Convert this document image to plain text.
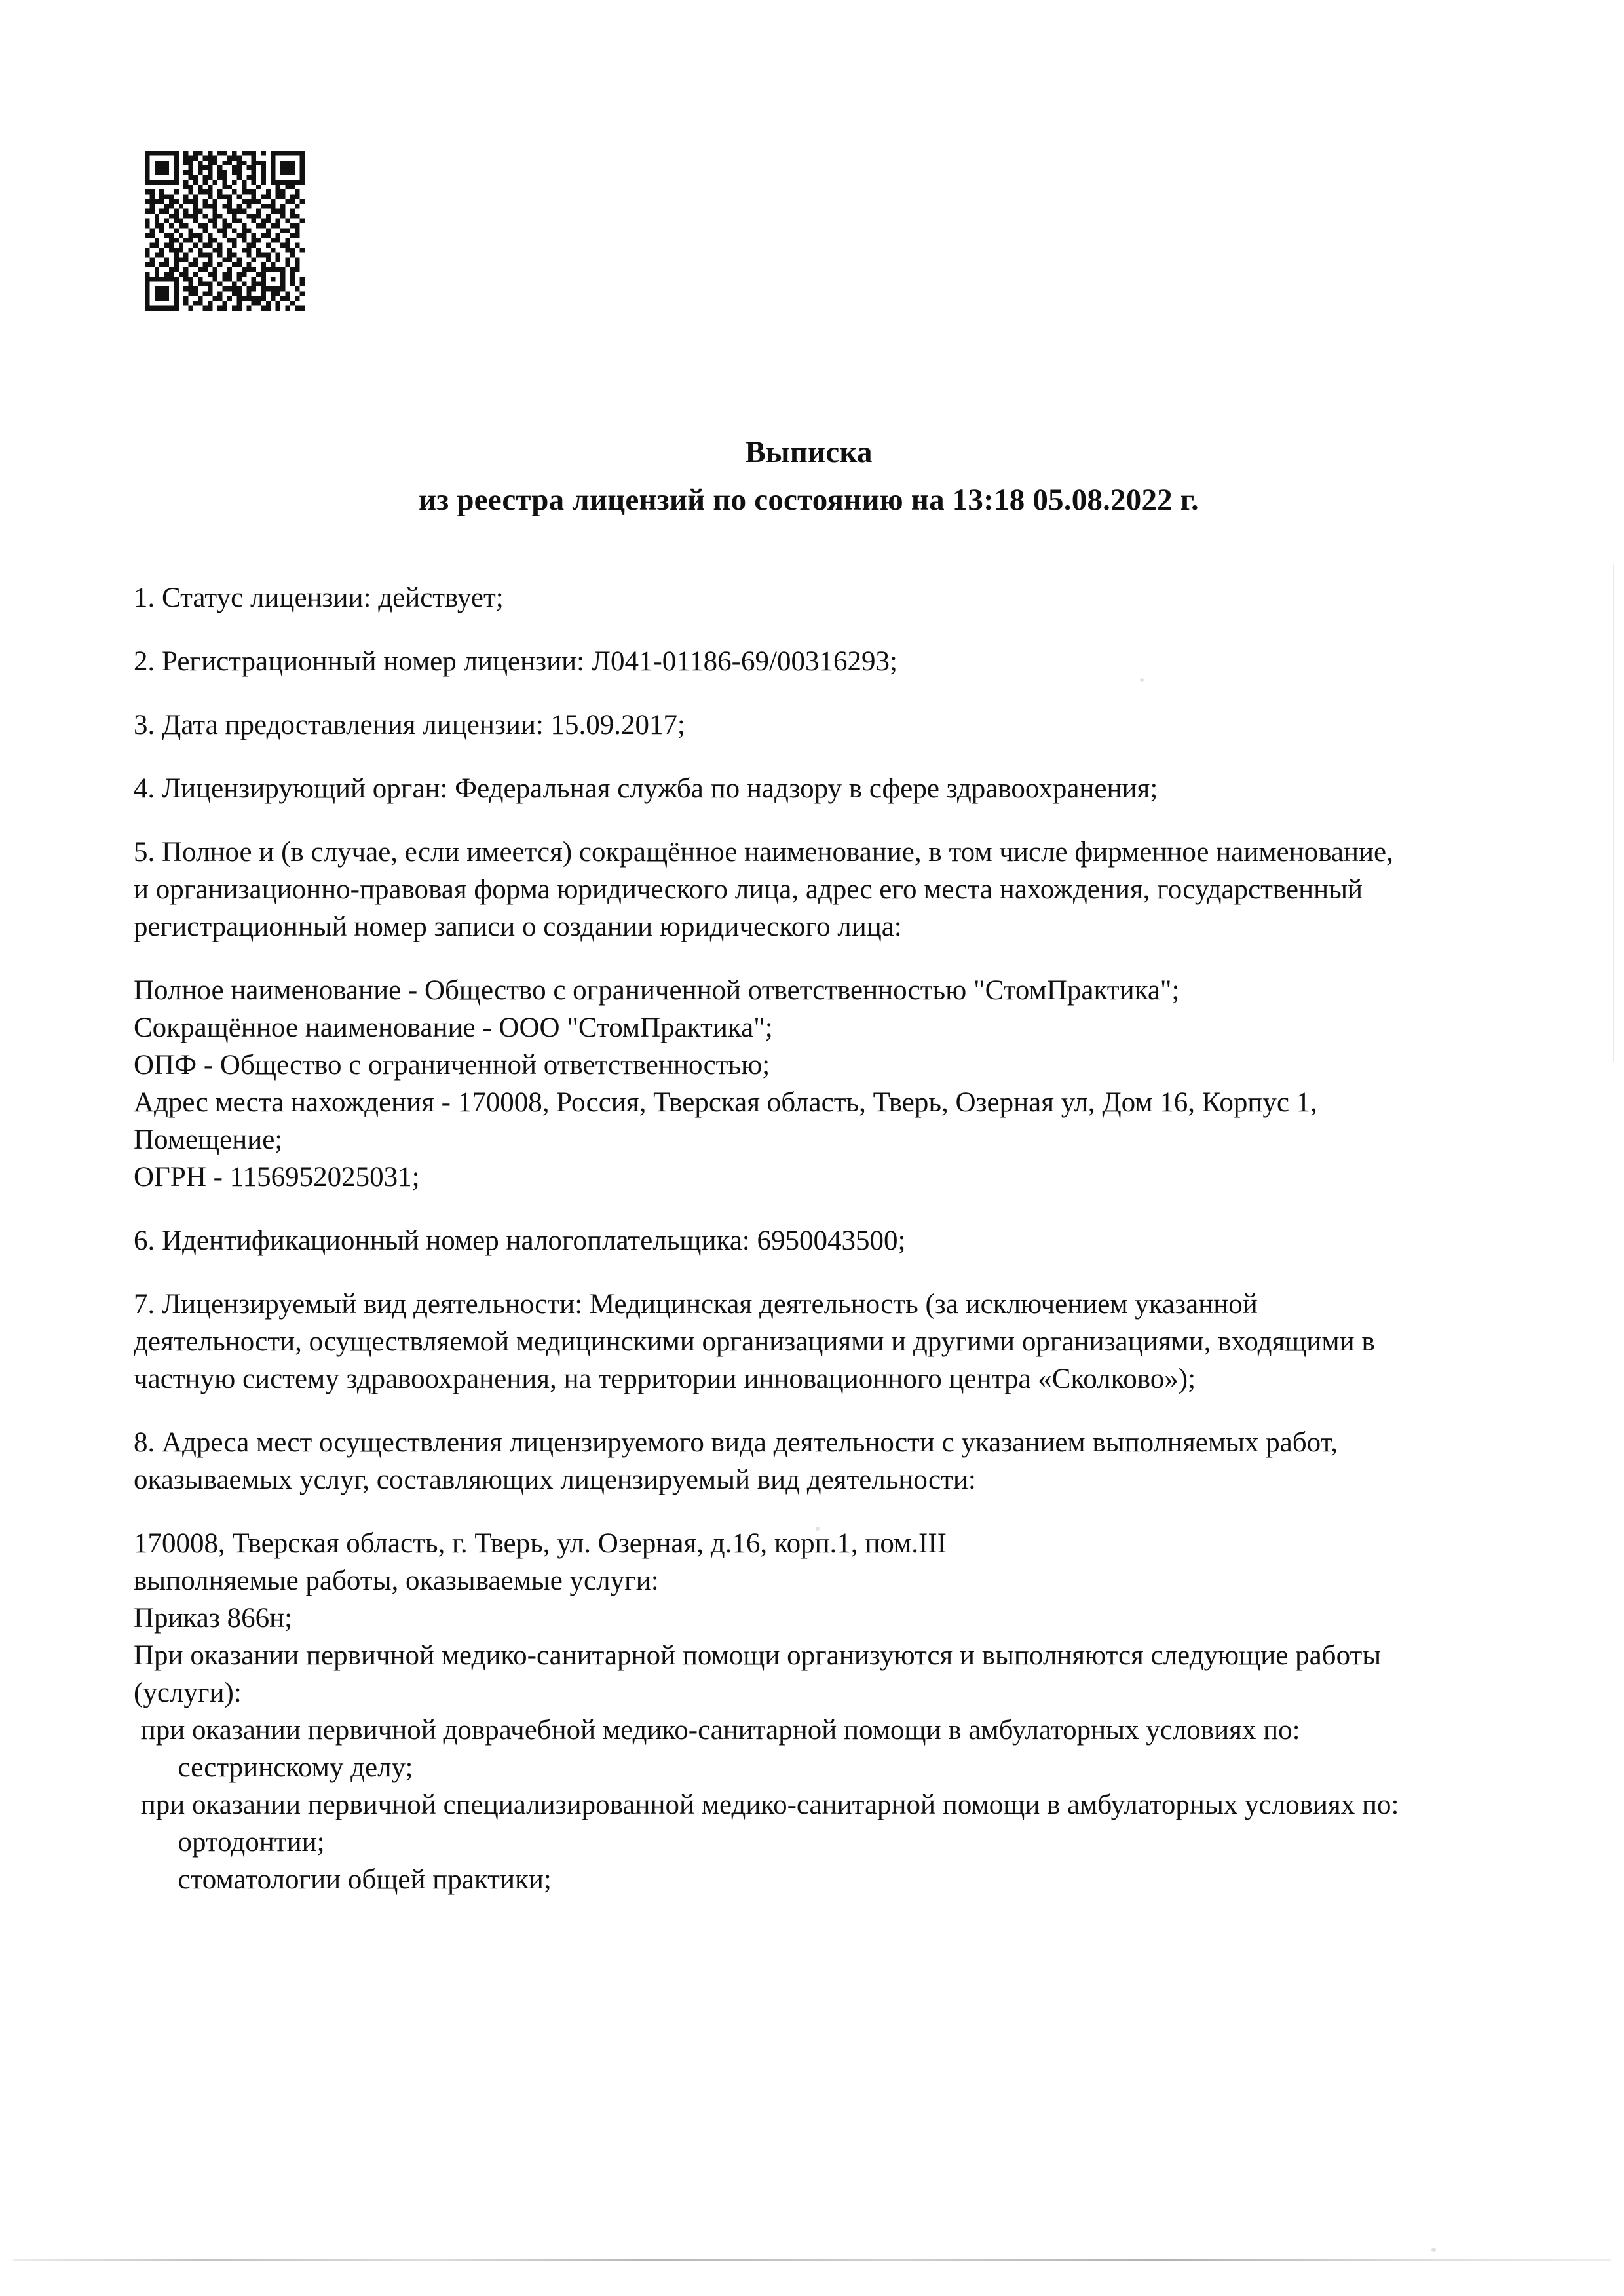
Выписка
из реестра лицензий по состоянию на 13:18 05.08.2022 г.

1. Статус лицензии: действует;

2. Регистрационный номер лицензии: Л041-01186-69/00316293;

3. Дата предоставления лицензии: 15.09.2017;

4. Лицензирующий орган: Федеральная служба по надзору в сфере здравоохранения;

5. Полное и (в случае, если имеется) сокращённое наименование, в том числе фирменное наименование, и организационно-правовая форма юридического лица, адрес его места нахождения, государственный регистрационный номер записи о создании юридического лица:

Полное наименование - Общество с ограниченной ответственностью "СтомПрактика";
Сокращённое наименование - ООО "СтомПрактика";
ОПФ - Общество с ограниченной ответственностью;
Адрес места нахождения - 170008, Россия, Тверская область, Тверь, Озерная ул, Дом 16, Корпус 1, Помещение;
ОГРН - 1156952025031;

6. Идентификационный номер налогоплательщика: 6950043500;

7. Лицензируемый вид деятельности: Медицинская деятельность (за исключением указанной деятельности, осуществляемой медицинскими организациями и другими организациями, входящими в частную систему здравоохранения, на территории инновационного центра «Сколково»);

8. Адреса мест осуществления лицензируемого вида деятельности с указанием выполняемых работ, оказываемых услуг, составляющих лицензируемый вид деятельности:

170008, Тверская область, г. Тверь, ул. Озерная, д.16, корп.1, пом.III
выполняемые работы, оказываемые услуги:
Приказ 866н;
При оказании первичной медико-санитарной помощи организуются и выполняются следующие работы (услуги):
при оказании первичной доврачебной медико-санитарной помощи в амбулаторных условиях по:
сестринскому делу;
при оказании первичной специализированной медико-санитарной помощи в амбулаторных условиях по:
ортодонтии;
стоматологии общей практики;
